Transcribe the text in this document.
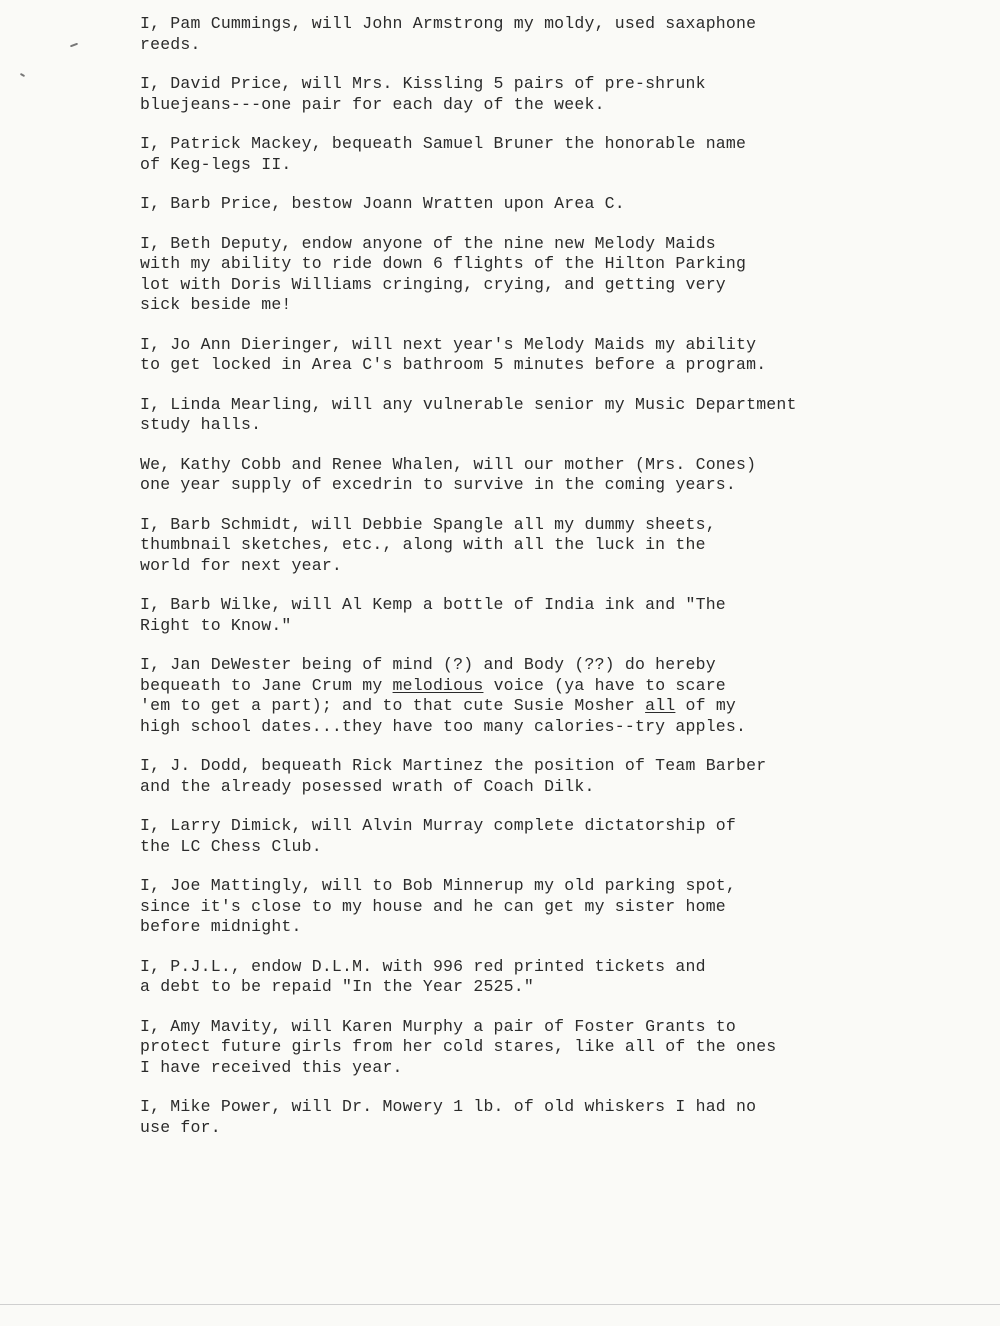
I, Pam Cummings, will John Armstrong my moldy, used saxaphone
reeds.
I, David Price, will Mrs. Kissling 5 pairs of pre-shrunk
bluejeans---one pair for each day of the week.
I, Patrick Mackey, bequeath Samuel Bruner the honorable name
of Keg-legs II.
I, Barb Price, bestow Joann Wratten upon Area C.
I, Beth Deputy, endow anyone of the nine new Melody Maids
with my ability to ride down 6 flights of the Hilton Parking
lot with Doris Williams cringing, crying, and getting very
sick beside me!
I, Jo Ann Dieringer, will next year's Melody Maids my ability
to get locked in Area C's bathroom 5 minutes before a program.
I, Linda Mearling, will any vulnerable senior my Music Department
study halls.
We, Kathy Cobb and Renee Whalen, will our mother (Mrs. Cones)
one year supply of excedrin to survive in the coming years.
I, Barb Schmidt, will Debbie Spangle all my dummy sheets,
thumbnail sketches, etc., along with all the luck in the
world for next year.
I, Barb Wilke, will Al Kemp a bottle of India ink and "The
Right to Know."
I, Jan DeWester being of mind (?) and Body (??) do hereby
bequeath to Jane Crum my melodious voice (ya have to scare
'em to get a part); and to that cute Susie Mosher all of my
high school dates...they have too many calories--try apples.
I, J. Dodd, bequeath Rick Martinez the position of Team Barber
and the already posessed wrath of Coach Dilk.
I, Larry Dimick, will Alvin Murray complete dictatorship of
the LC Chess Club.
I, Joe Mattingly, will to Bob Minnerup my old parking spot,
since it's close to my house and he can get my sister home
before midnight.
I, P.J.L., endow D.L.M. with 996 red printed tickets and
a debt to be repaid "In the Year 2525."
I, Amy Mavity, will Karen Murphy a pair of Foster Grants to
protect future girls from her cold stares, like all of the ones
I have received this year.
I, Mike Power, will Dr. Mowery 1 lb. of old whiskers I had no
use for.
